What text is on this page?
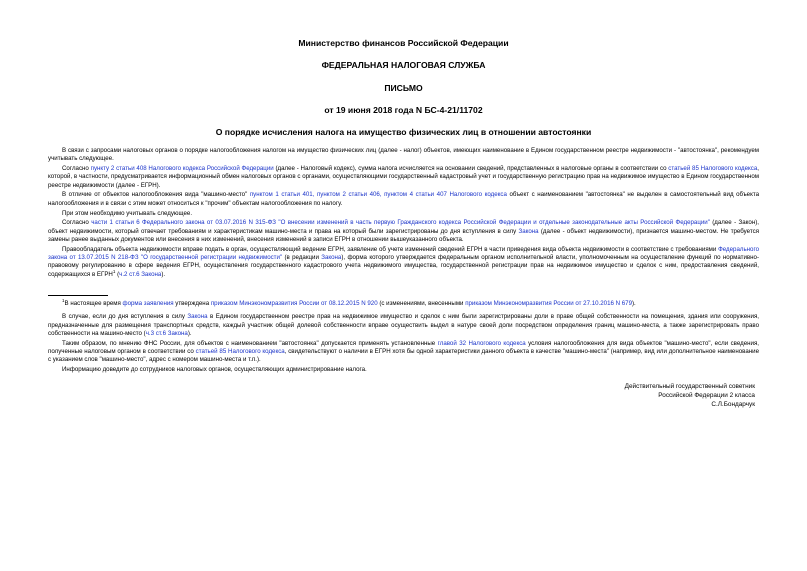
Министерство финансов Российской Федерации
ФЕДЕРАЛЬНАЯ НАЛОГОВАЯ СЛУЖБА
ПИСЬМО
от 19 июня 2018 года N БС-4-21/11702
О порядке исчисления налога на имущество физических лиц в отношении автостоянки

В связи с запросами налоговых органов о порядке налогообложения налогом на имущество физических лиц (далее - налог) объектов, имеющих наименование в Едином государственном реестре недвижимости - "автостоянка", рекомендуем учитывать следующее.

Согласно пункту 2 статьи 408 Налогового кодекса Российской Федерации (далее - Налоговый кодекс), сумма налога исчисляется на основании сведений, представленных в налоговые органы в соответствии со статьей 85 Налогового кодекса, которой, в частности, предусматривается информационный обмен налоговых органов с органами, осуществляющими государственный кадастровый учет и государственную регистрацию прав на недвижимое имущество в Едином государственном реестре недвижимости (далее - ЕГРН).

В отличие от объектов налогообложения вида "машино-место" пунктом 1 статьи 401, пунктом 2 статьи 406, пунктом 4 статьи 407 Налогового кодекса объект с наименованием "автостоянка" не выделен в самостоятельный вид объекта налогообложения и в связи с этим может относиться к "прочим" объектам налогообложения по налогу.

При этом необходимо учитывать следующее.

Согласно части 1 статьи 6 Федерального закона от 03.07.2016 N 315-ФЗ "О внесении изменений в часть первую Гражданского кодекса Российской Федерации и отдельные законодательные акты Российской Федерации" (далее - Закон), объект недвижимости, который отвечает требованиям и характеристикам машино-места и права на который были зарегистрированы до дня вступления в силу Закона (далее - объект недвижимости), признается машино-местом. Не требуется замены ранее выданных документов или внесения в них изменений, внесения изменений в записи ЕГРН в отношении вышеуказанного объекта.

Правообладатель объекта недвижимости вправе подать в орган, осуществляющий ведение ЕГРН, заявление об учете изменений сведений ЕГРН в части приведения вида объекта недвижимости в соответствие с требованиями Федерального закона от 13.07.2015 N 218-ФЗ "О государственной регистрации недвижимости" (в редакции Закона), форма которого утверждается федеральным органом исполнительной власти, уполномоченным на осуществление функций по нормативно-правовому регулированию в сфере ведения ЕГРН, осуществления государственного кадастрового учета недвижимого имущества, государственной регистрации прав на недвижимое имущество и сделок с ним, предоставления сведений, содержащихся в ЕГРН$^1$ (ч.2 ст.6 Закона).

$^1$В настоящее время форма заявления утверждена приказом Минэкономразвития России от 08.12.2015 N 920 (с изменениями, внесенными приказом Минэкономразвития России от 27.10.2016 N 679).

В случае, если до дня вступления в силу Закона в Едином государственном реестре прав на недвижимое имущество и сделок с ним были зарегистрированы доли в праве общей собственности на помещения, здания или сооружения, предназначенные для размещения транспортных средств, каждый участник общей долевой собственности вправе осуществить выдел в натуре своей доли посредством определения границ машино-места, а также зарегистрировать право собственности на машино-место (ч.3 ст.6 Закона).

Таким образом, по мнению ФНС России, для объектов с наименованием "автостоянка" допускается применять установленные главой 32 Налогового кодекса условия налогообложения для вида объектов "машино-место", если сведения, полученные налоговым органом в соответствии со статьей 85 Налогового кодекса, свидетельствуют о наличии в ЕГРН хотя бы одной характеристики данного объекта в качестве "машино-места" (например, вид или дополнительное наименование с указанием слов "машино-место", адрес с номером машино-места и т.п.).

Информацию доведите до сотрудников налоговых органов, осуществляющих администрирование налога.

Действительный государственный советник
Российской Федерации 2 класса
С.Л.Бондарчук
